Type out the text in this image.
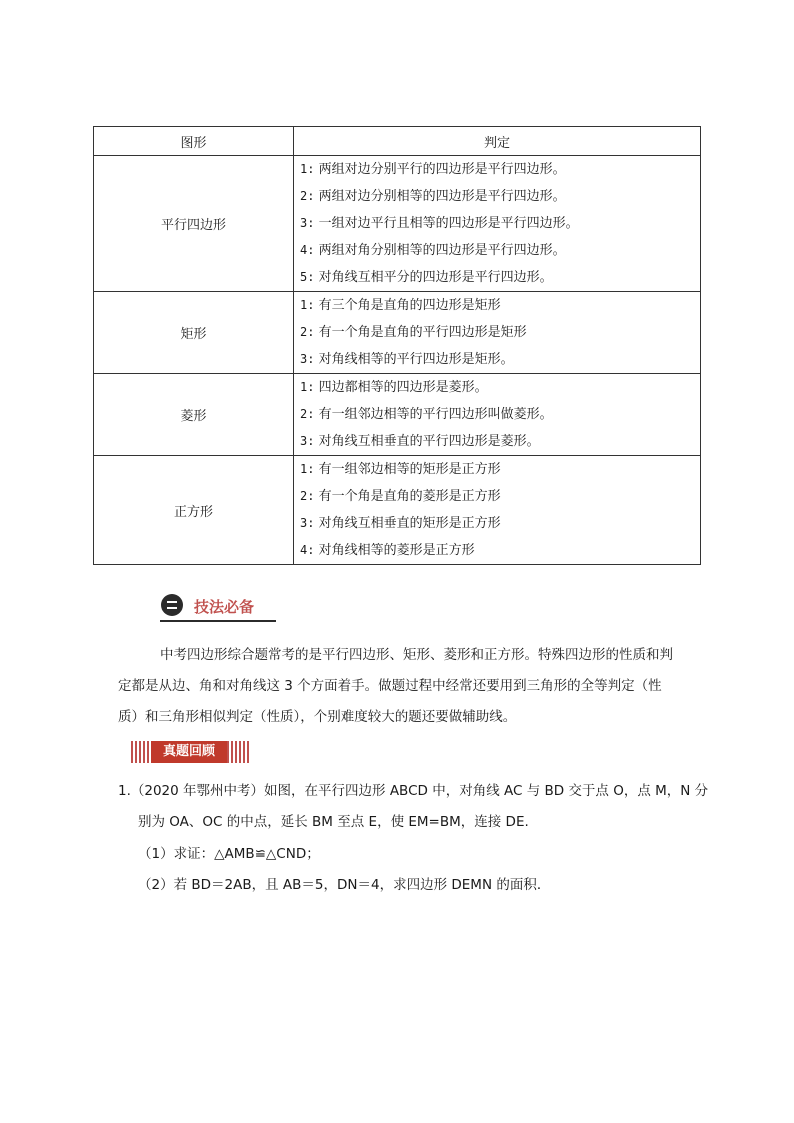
图形	判定
平行四边形	1: 两组对边分别平行的四边形是平行四边形。
2: 两组对边分别相等的四边形是平行四边形。
3: 一组对边平行且相等的四边形是平行四边形。
4: 两组对角分别相等的四边形是平行四边形。
5: 对角线互相平分的四边形是平行四边形。

矩形	1: 有三个角是直角的四边形是矩形
2: 有一个角是直角的平行四边形是矩形
3: 对角线相等的平行四边形是矩形。

菱形	1: 四边都相等的四边形是菱形。
2: 有一组邻边相等的平行四边形叫做菱形。
3: 对角线互相垂直的平行四边形是菱形。

正方形	1: 有一组邻边相等的矩形是正方形
2: 有一个角是直角的菱形是正方形
3: 对角线互相垂直的矩形是正方形
4: 对角线相等的菱形是正方形
技法必备
中考四边形综合题常考的是平行四边形、矩形、菱形和正方形。特殊四边形的性质和判定都是从边、角和对角线这 3 个方面着手。做题过程中经常还要用到三角形的全等判定（性质）和三角形相似判定（性质），个别难度较大的题还要做辅助线。
真题回顾
1.（2020 年鄂州中考）如图，在平行四边形 ABCD 中，对角线 AC 与 BD 交于点 O，点 M，N 分
别为 OA、OC 的中点，延长 BM 至点 E，使 EM=BM，连接 DE.
（1）求证：△AMB≌△CND；
（2）若 BD＝2AB，且 AB＝5，DN＝4，求四边形 DEMN 的面积．
